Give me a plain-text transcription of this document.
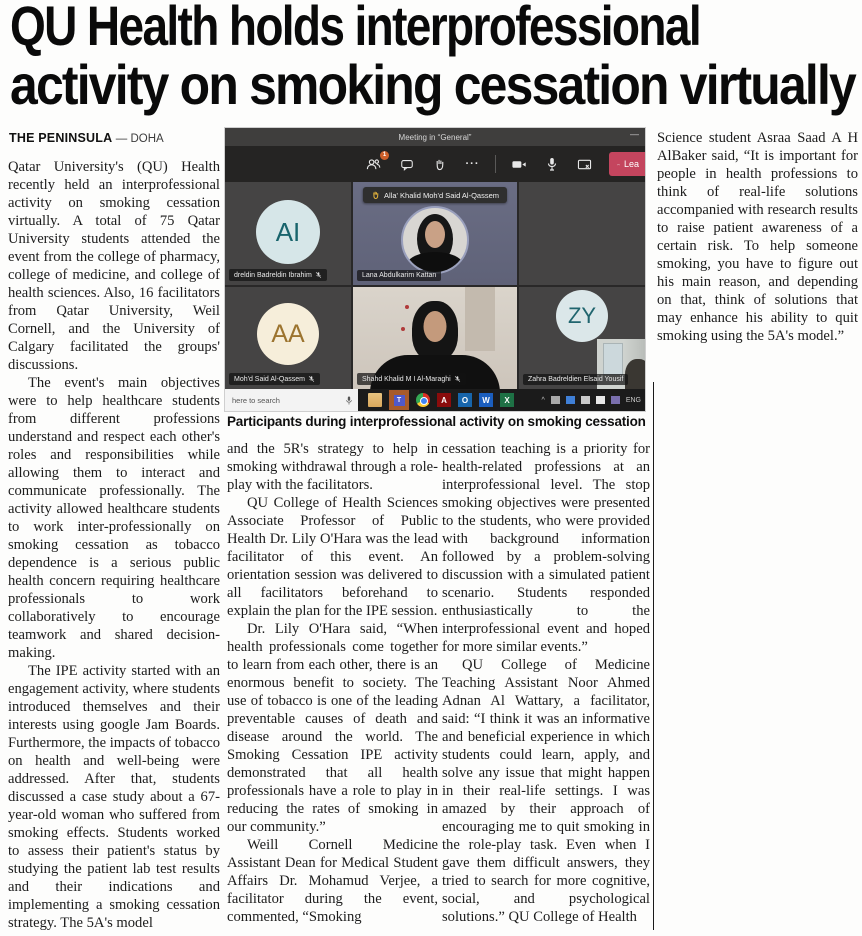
QU Health holds interprofessional
activity on smoking cessation virtually
THE PENINSULA — DOHA

Qatar University's (QU) Health recently held an interprofessional activity on smoking cessation virtually. A total of 75 Qatar University students attended the event from the college of pharmacy, college of medicine, and college of health sciences. Also, 16 facilitators from Qatar University, Weil Cornell, and the University of Calgary facilitated the groups' discussions.

The event's main objectives were to help healthcare students from different professions understand and respect each other's roles and responsibilities while allowing them to interact and communicate professionally. The activity allowed healthcare students to work inter-professionally on smoking cessation as tobacco dependence is a serious public health concern requiring healthcare professionals to work collaboratively to encourage teamwork and shared decision-making.

The IPE activity started with an engagement activity, where students introduced themselves and their interests using google Jam Boards. Furthermore, the impacts of tobacco on health and well-being were addressed. After that, students discussed a case study about a 67-year-old woman who suffered from smoking effects. Students worked to assess their patient's status by studying the patient lab test results and their indications and implementing a smoking cessation strategy. The 5A's model

Meeting in “General”	—
1
···	Lea
AI
dreldin Badreldin Ibrahim
Alla' Khalid Moh'd Said Al-Qassem
Lana Abdulkarim Kattan
AA
Moh'd Said Al-Qassem	Shahd Khalid M I Al-Maraghi
ZY
Zahra Badreldien Elsaid Yousif
here to search	T	A	O	W	X	^	ENG
Participants during interprofessional activity on smoking cessation

and the 5R's strategy to help in smoking withdrawal through a role-play with the facilitators.

QU College of Health Sciences Associate Professor of Public Health Dr. Lily O'Hara was the lead facilitator of this event. An orientation session was delivered to all facilitators beforehand to explain the plan for the IPE session.

Dr. Lily O'Hara said, “When health professionals come together to learn from each other, there is an enormous benefit to society. The use of tobacco is one of the leading preventable causes of death and disease around the world. The Smoking Cessation IPE activity demonstrated that all health professionals have a role to play in reducing the rates of smoking in our community.”

Weill Cornell Medicine Assistant Dean for Medical Student Affairs Dr. Mohamud Verjee, a facilitator during the event, commented, “Smoking

cessation teaching is a priority for health-related professions at an interprofessional level. The stop smoking objectives were presented to the students, who were provided with background information followed by a problem-solving discussion with a simulated patient scenario. Students responded enthusiastically to the interprofessional event and hoped for more similar events.”

QU College of Medicine Teaching Assistant Noor Ahmed Adnan Al Wattary, a facilitator, said: “I think it was an informative and beneficial experience in which students could learn, apply, and solve any issue that might happen in their real-life settings. I was amazed by their approach of encouraging me to quit smoking in the role-play task. Even when I gave them difficult answers, they tried to search for more cognitive, social, and psychological solutions.” QU College of Health

Science student Asraa Saad A H AlBaker said, “It is important for people in health professions to think of real-life solutions accompanied with research results to raise patient awareness of a certain risk. To help someone smoking, you have to figure out his main reason, and depending on that, think of solutions that may enhance his ability to quit smoking using the 5A's model.”
